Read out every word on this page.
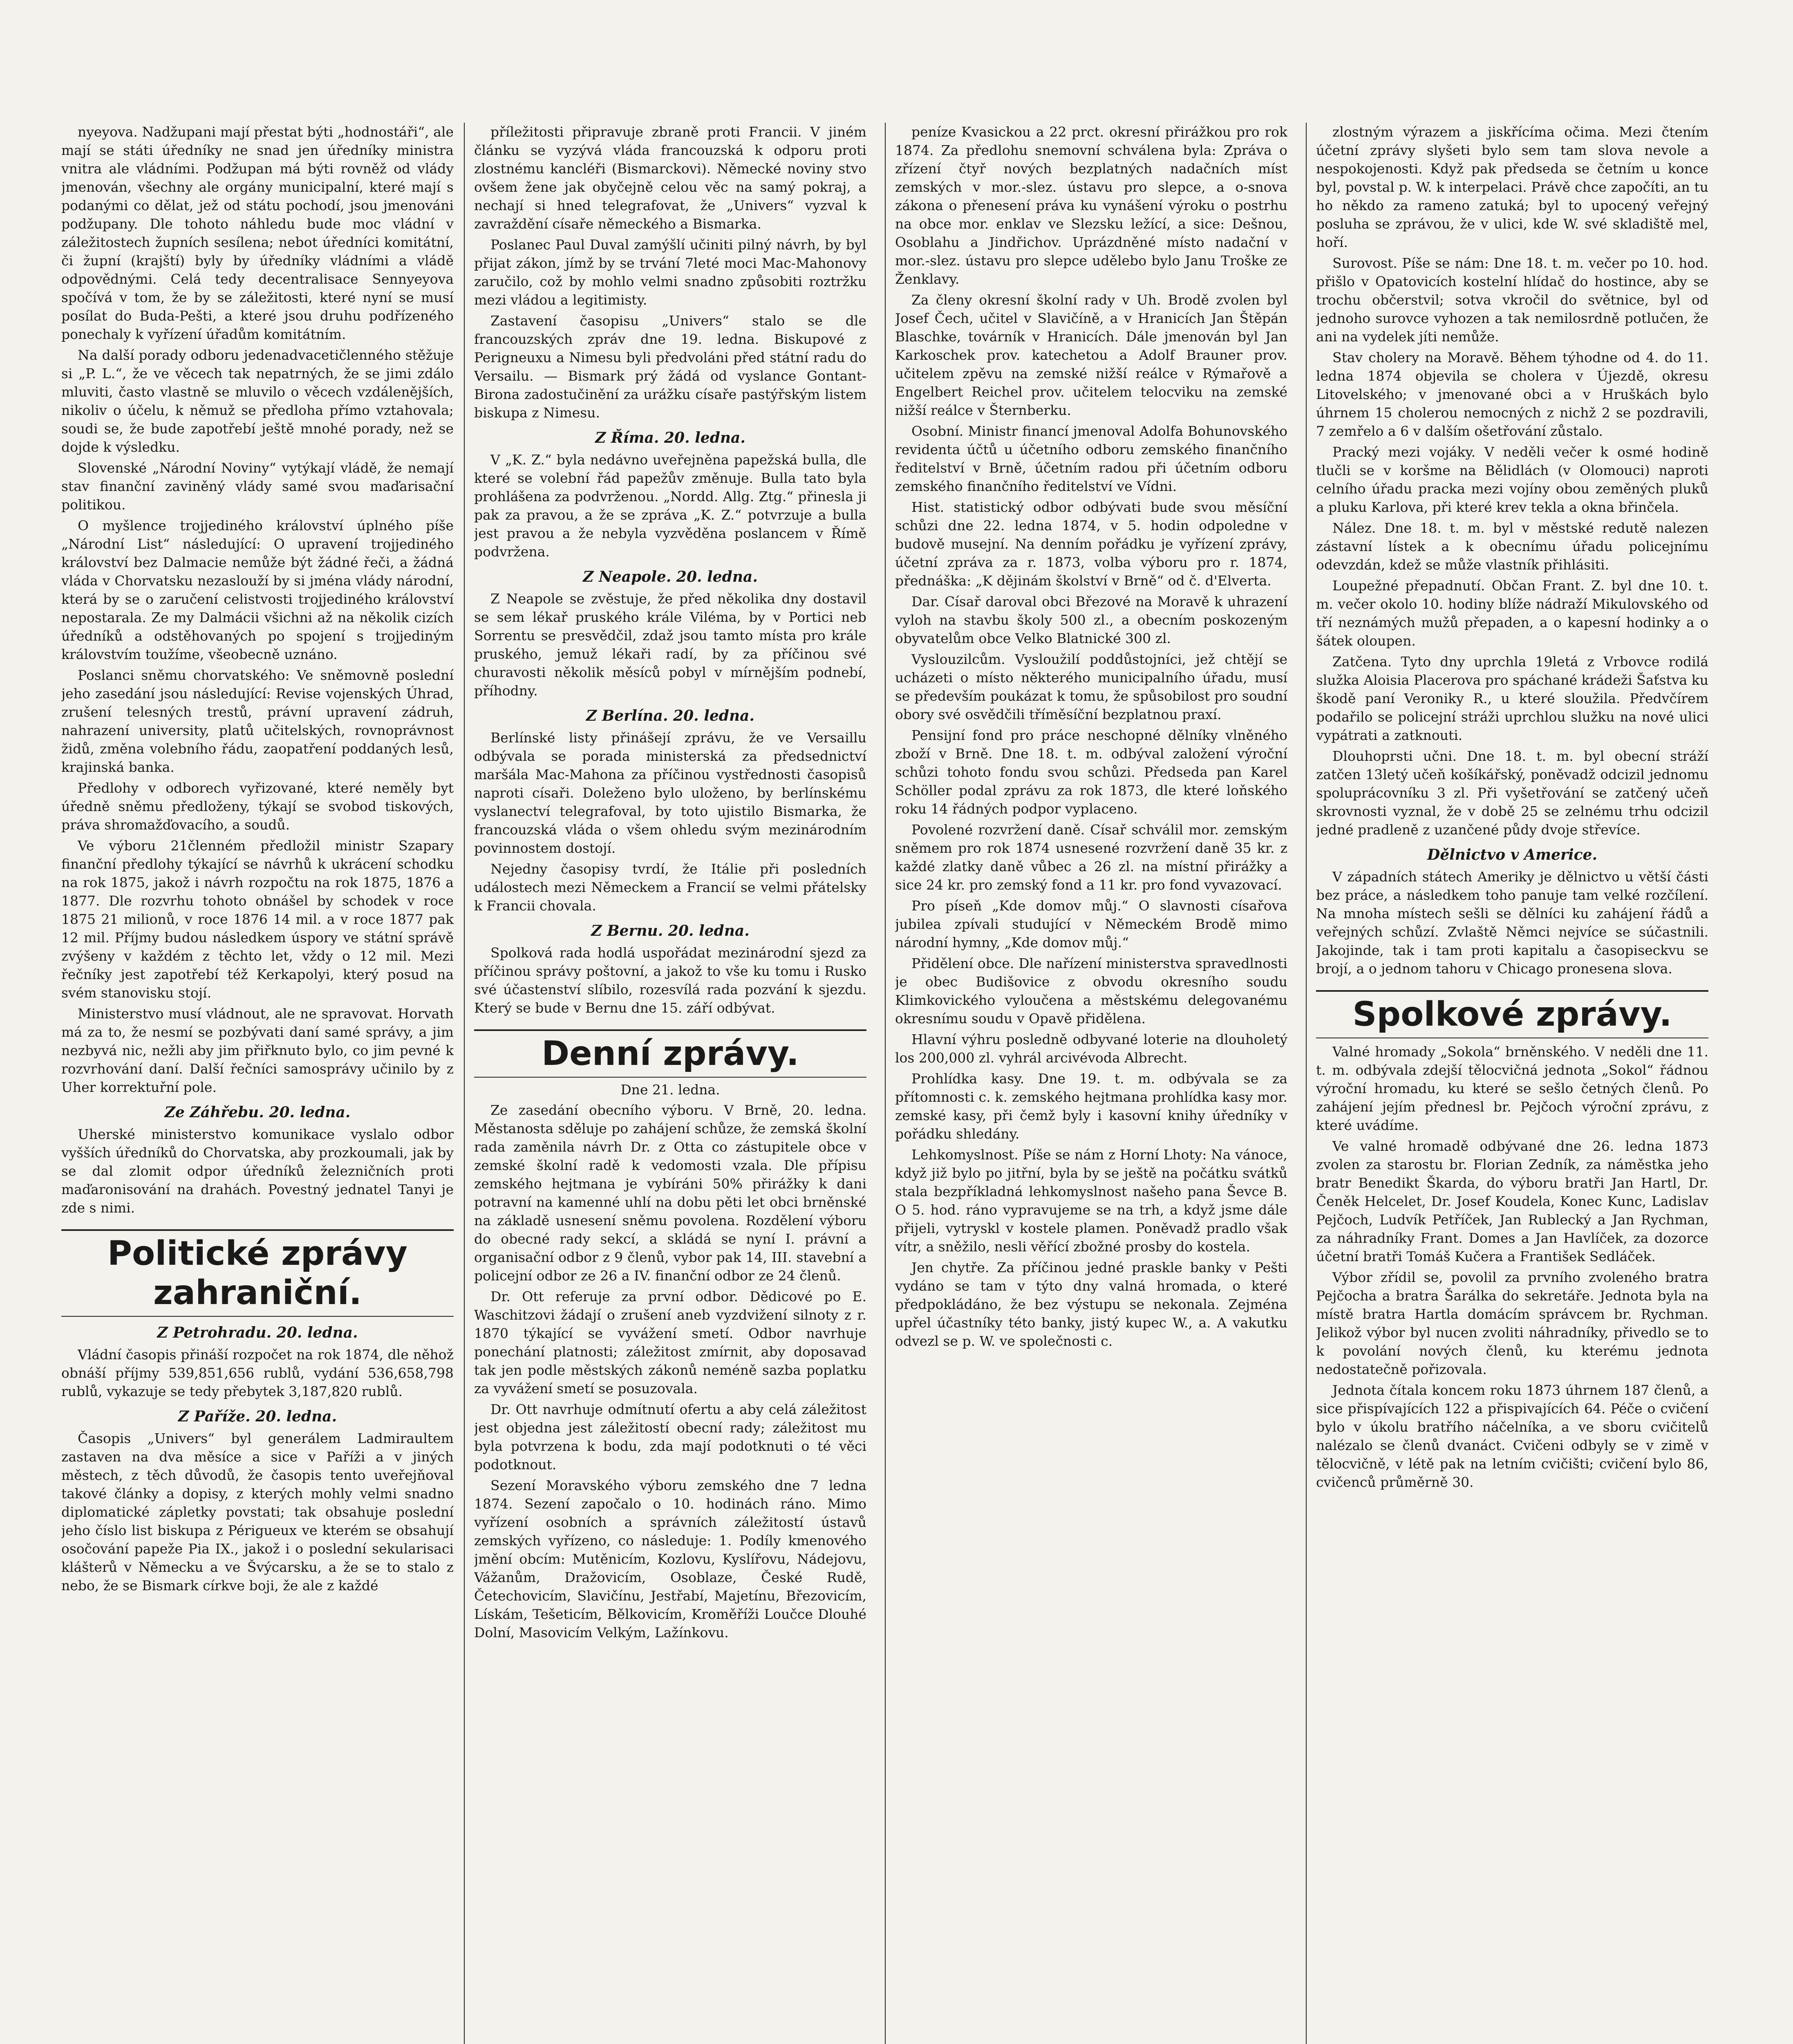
nyeyova. Nadžupani mají přestat býti „hodnostáři“, ale mají se státi úředníky ne snad jen úředníky ministra vnitra ale vládními. Podžupan má býti rovněž od vlády jmenován, všechny ale orgány municipalní, které mají s podanými co dělat, jež od státu pochodí, jsou jmenováni podžupany. Dle tohoto náhledu bude moc vládní v záležitostech župních sesílena; nebot úředníci komitátní, či župní (krajští) byly by úředníky vládními a vládě odpovědnými. Celá tedy decentralisace Sennyeyova spočívá v tom, že by se záležitosti, které nyní se musí posílat do Buda-Pešti, a které jsou druhu podřízeného ponechaly k vyřízení úřadům komitátním.

Na další porady odboru jedenadvacetičlenného stěžuje si „P. L.“, že ve věcech tak nepatrných, že se jimi zdálo mluviti, často vlastně se mluvilo o věcech vzdálenějších, nikoliv o účelu, k němuž se předloha přímo vztahovala; soudi se, že bude zapotřebí ještě mnohé porady, než se dojde k výsledku.

Slovenské „Národní Noviny“ vytýkají vládě, že nemají stav finanční zaviněný vlády samé svou maďarisační politikou.

O myšlence trojjediného království úplného píše „Národní List“ následující: O upravení trojjediného království bez Dalmacie nemůže být žádné řeči, a žádná vláda v Chorvatsku nezaslouží by si jména vlády národní, která by se o zaručení celistvosti trojjediného království nepostarala. Ze my Dalmácii všichni až na několik cizích úředníků a odstěhovaných po spojení s trojjediným královstvím toužíme, všeobecně uznáno.

Poslanci sněmu chorvatského: Ve sněmovně poslední jeho zasedání jsou následující: Revise vojenských Úhrad, zrušení telesných trestů, právní upravení zádruh, nahrazení university, platů učitelských, rovnoprávnost židů, změna volebního řádu, zaopatření poddaných lesů, krajinská banka.

Předlohy v odborech vyřizované, které neměly byt úředně sněmu předloženy, týkají se svobod tiskových, práva shromažďovacího, a soudů.

Ve výboru 21členném předložil ministr Szapary finanční předlohy týkající se návrhů k ukrácení schodku na rok 1875, jakož i návrh rozpočtu na rok 1875, 1876 a 1877. Dle rozvrhu tohoto obnášel by schodek v roce 1875 21 milionů, v roce 1876 14 mil. a v roce 1877 pak 12 mil. Příjmy budou následkem úspory ve státní správě zvýšeny v každém z těchto let, vždy o 12 mil. Mezi řečníky jest zapotřebí též Kerkapolyi, který posud na svém stanovisku stojí.

Ministerstvo musí vládnout, ale ne spravovat. Horvath má za to, že nesmí se pozbývati daní samé správy, a jim nezbyvá nic, nežli aby jim přiřknuto bylo, co jim pevné k rozvrhování daní. Další řečníci samosprávy učinilo by z Uher korrektuřní pole.

Ze Záhřebu. 20. ledna.

Uherské ministerstvo komunikace vyslalo odbor vyšších úředníků do Chorvatska, aby prozkoumali, jak by se dal zlomit odpor úředníků železničních proti maďaronisování na drahách. Povestný jednatel Tanyi je zde s nimi.

Politické zprávy zahraniční.
Z Petrohradu. 20. ledna.

Vládní časopis přináší rozpočet na rok 1874, dle něhož obnáší příjmy 539,851,656 rublů, vydání 536,658,798 rublů, vykazuje se tedy přebytek 3,187,820 rublů.

Z Paříže. 20. ledna.

Časopis „Univers“ byl generálem Ladmiraultem zastaven na dva měsíce a sice v Paříži a v jiných městech, z těch důvodů, že časopis tento uveřejňoval takové články a dopisy, z kterých mohly velmi snadno diplomatické zápletky povstati; tak obsahuje poslední jeho číslo list biskupa z Périgueux ve kterém se obsahují osočování papeže Pia IX., jakož i o poslední sekularisaci klášterů v Německu a ve Švýcarsku, a že se to stalo z nebo, že se Bismark církve boji, že ale z každé

příležitosti připravuje zbraně proti Francii. V jiném článku se vyzývá vláda francouzská k odporu proti zlostnému kancléři (Bismarckovi). Německé noviny stvo ovšem žene jak obyčejně celou věc na samý pokraj, a nechají si hned telegrafovat, že „Univers“ vyzval k zavraždění císaře německého a Bismarka.

Poslanec Paul Duval zamýšlí učiniti pilný návrh, by byl přijat zákon, jímž by se trvání 7leté moci Mac-Mahonovy zaručilo, což by mohlo velmi snadno způsobiti roztržku mezi vládou a legitimisty.

Zastavení časopisu „Univers“ stalo se dle francouzských zpráv dne 19. ledna. Biskupové z Perigneuxu a Nimesu byli předvoláni před státní radu do Versailu. — Bismark prý žádá od vyslance Gontant-Birona zadostučinění za urážku císaře pastýřským listem biskupa z Nimesu.

Z Říma. 20. ledna.

V „K. Z.“ byla nedávno uveřejněna papežská bulla, dle které se volební řád papežův změnuje. Bulla tato byla prohlášena za podvrženou. „Nordd. Allg. Ztg.“ přinesla ji pak za pravou, a že se zpráva „K. Z.“ potvrzuje a bulla jest pravou a že nebyla vyzvěděna poslancem v Římě podvržena.

Z Neapole. 20. ledna.

Z Neapole se zvěstuje, že před několika dny dostavil se sem lékař pruského krále Viléma, by v Portici neb Sorrentu se presvědčil, zdaž jsou tamto místa pro krále pruského, jemuž lékaři radí, by za příčinou své churavosti několik měsíců pobyl v mírnějším podnebí, příhodny.

Z Berlína. 20. ledna.

Berlínské listy přinášejí zprávu, že ve Versaillu odbývala se porada ministerská za předsednictví maršála Mac-Mahona za příčinou vystřednosti časopisů naproti císaři. Doleženo bylo uloženo, by berlínskému vyslanectví telegrafoval, by toto ujistilo Bismarka, že francouzská vláda o všem ohledu svým mezinárodním povinnostem dostojí.

Nejedny časopisy tvrdí, že Itálie při posledních událostech mezi Německem a Francií se velmi přátelsky k Francii chovala.

Z Bernu. 20. ledna.

Spolková rada hodlá uspořádat mezinárodní sjezd za příčinou správy poštovní, a jakož to vše ku tomu i Rusko své účastenství slíbilo, rozesvílá rada pozvání k sjezdu. Který se bude v Bernu dne 15. září odbývat.

Denní zprávy.
Dne 21. ledna.

Ze zasedání obecního výboru. V Brně, 20. ledna. Městanosta sděluje po zahájení schůze, že zemská školní rada zaměnila návrh Dr. z Otta co zástupitele obce v zemské školní radě k vedomosti vzala. Dle přípisu zemského hejtmana je vybíráni 50% přirážky k dani potravní na kamenné uhlí na dobu pěti let obci brněnské na základě usnesení sněmu povolena. Rozdělení výboru do obecné rady sekcí, a skládá se nyní I. právní a organisační odbor z 9 členů, vybor pak 14, III. stavební a policejní odbor ze 26 a IV. finanční odbor ze 24 členů.

Dr. Ott referuje za první odbor. Dědicové po E. Waschitzovi žádají o zrušení aneb vyzdvižení silnoty z r. 1870 týkající se vyvážení smetí. Odbor navrhuje ponechání platnosti; záležitost zmírnit, aby doposavad tak jen podle městských zákonů neméně sazba poplatku za vyvážení smetí se posuzovala.

Dr. Ott navrhuje odmítnutí ofertu a aby celá záležitost jest objedna jest záležitostí obecní rady; záležitost mu byla potvrzena k bodu, zda mají podotknuti o té věci podotknout.

Sezení Moravského výboru zemského dne 7 ledna 1874. Sezení započalo o 10. hodinách ráno. Mimo vyřízení osobních a správních záležitostí ústavů zemských vyřízeno, co následuje: 1. Podíly kmenového jmění obcím: Mutěnicím, Kozlovu, Kyslířovu, Nádejovu, Vážanům, Dražovicím, Osoblaze, České Rudě, Četechovicím, Slavičínu, Jestřabí, Majetínu, Březovicím, Lískám, Tešeticím, Bělkovicím, Kroměříži Loučce Dlouhé Dolní, Masovicím Velkým, Lažínkovu.

peníze Kvasickou a 22 prct. okresní přirážkou pro rok 1874. Za předlohu snemovní schválena byla: Zpráva o zřízení čtyř nových bezplatných nadačních míst zemských v mor.-slez. ústavu pro slepce, a o-snova zákona o přenesení práva ku vynášení výroku o postrhu na obce mor. enklav ve Slezsku ležící, a sice: Dešnou, Osoblahu a Jindřichov. Uprázdněné místo nadační v mor.-slez. ústavu pro slepce udělebo bylo Janu Troške ze Ženklavy.

Za členy okresní školní rady v Uh. Brodě zvolen byl Josef Čech, učitel v Slavičíně, a v Hranicích Jan Štěpán Blaschke, továrník v Hranicích. Dále jmenován byl Jan Karkoschek prov. katechetou a Adolf Brauner prov. učitelem zpěvu na zemské nižší reálce v Rýmařově a Engelbert Reichel prov. učitelem telocviku na zemské nižší reálce v Šternberku.

Osobní. Ministr financí jmenoval Adolfa Bohunovského revidenta účtů u účetního odboru zemského finančního ředitelství v Brně, účetním radou při účetním odboru zemského finančního ředitelství ve Vídni.

Hist. statistický odbor odbývati bude svou měsíční schůzi dne 22. ledna 1874, v 5. hodin odpoledne v budově musejní. Na denním pořádku je vyřízení zprávy, účetní zpráva za r. 1873, volba výboru pro r. 1874, přednáška: „K dějinám školství v Brně“ od č. d'Elverta.

Dar. Císař daroval obci Březové na Moravě k uhrazení vyloh na stavbu školy 500 zl., a obecním poskozeným obyvatelům obce Velko Blatnické 300 zl.

Vyslouzilcům. Vysloužilí poddůstojníci, jež chtějí se ucházeti o místo některého municipalního úřadu, musí se především poukázat k tomu, že spůsobilost pro soudní obory své osvědčili tříměsíční bezplatnou praxí.

Pensijní fond pro práce neschopné dělníky vlněného zboží v Brně. Dne 18. t. m. odbýval založení výroční schůzi tohoto fondu svou schůzi. Předseda pan Karel Schöller podal zprávu za rok 1873, dle které loňského roku 14 řádných podpor vyplaceno.

Povolené rozvržení daně. Císař schválil mor. zemským sněmem pro rok 1874 usnesené rozvržení daně 35 kr. z každé zlatky daně vůbec a 26 zl. na místní přirážky a sice 24 kr. pro zemský fond a 11 kr. pro fond vyvazovací.

Pro píseň „Kde domov můj.“ O slavnosti císařova jubilea zpívali studující v Německém Brodě mimo národní hymny, „Kde domov můj.“

Přidělení obce. Dle nařízení ministerstva spravedlnosti je obec Budišovice z obvodu okresního soudu Klimkovického vyloučena a městskému delegovanému okresnímu soudu v Opavě přidělena.

Hlavní výhru posledně odbyvané loterie na dlouholetý los 200,000 zl. vyhrál arcivévoda Albrecht.

Prohlídka kasy. Dne 19. t. m. odbývala se za přítomnosti c. k. zemského hejtmana prohlídka kasy mor. zemské kasy, při čemž byly i kasovní knihy úředníky v pořádku shledány.

Lehkomyslnost. Píše se nám z Horní Lhoty: Na vánoce, když již bylo po jitřní, byla by se ještě na počátku svátků stala bezpříkladná lehkomyslnost našeho pana Ševce B. O 5. hod. ráno vypravujeme se na trh, a když jsme dále přijeli, vytryskl v kostele plamen. Poněvadž pradlo však vítr, a sněžilo, nesli věřící zbožné prosby do kostela.

Jen chytře. Za příčinou jedné praskle banky v Pešti vydáno se tam v týto dny valná hromada, o které předpokládáno, že bez výstupu se nekonala. Zejména upřel účastníky této banky, jistý kupec W., a. A vakutku odvezl se p. W. ve společnosti c.

zlostným výrazem a jiskřícíma očima. Mezi čtením účetní zprávy slyšeti bylo sem tam slova nevole a nespokojenosti. Když pak předseda se četním u konce byl, povstal p. W. k interpelaci. Právě chce započíti, an tu ho někdo za rameno zatuká; byl to upocený veřejný posluha se zprávou, že v ulici, kde W. své skladiště mel, hoří.

Surovost. Píše se nám: Dne 18. t. m. večer po 10. hod. přišlo v Opatovicích kostelní hlídač do hostince, aby se trochu občerstvil; sotva vkročil do světnice, byl od jednoho surovce vyhozen a tak nemilosrdně potlučen, že ani na vydelek jíti nemůže.

Stav cholery na Moravě. Během týhodne od 4. do 11. ledna 1874 objevila se cholera v Újezdě, okresu Litovelského; v jmenované obci a v Hruškách bylo úhrnem 15 cholerou nemocných z nichž 2 se pozdravili, 7 zemřelo a 6 v dalším ošetřování zůstalo.

Pracký mezi vojáky. V neděli večer k osmé hodině tlučli se v koršme na Bělidlách (v Olomouci) naproti celního úřadu pracka mezi vojíny obou zeměných pluků a pluku Karlova, při které krev tekla a okna břinčela.

Nález. Dne 18. t. m. byl v městské redutě nalezen zástavní lístek a k obecnímu úřadu policejnímu odevzdán, kdež se může vlastník přihlásiti.

Loupežné přepadnutí. Občan Frant. Z. byl dne 10. t. m. večer okolo 10. hodiny blíže nádraží Mikulovského od tří neznámých mužů přepaden, a o kapesní hodinky a o šátek oloupen.

Zatčena. Tyto dny uprchla 19letá z Vrbovce rodilá služka Aloisia Placerova pro spáchané krádeži Šaťstva ku škodě paní Veroniky R., u které sloužila. Předvčírem podařilo se policejní stráži uprchlou služku na nové ulici vypátrati a zatknouti.

Dlouhoprsti učni. Dne 18. t. m. byl obecní stráží zatčen 13letý učeň košíkářský, poněvadž odcizil jednomu spoluprácovníku 3 zl. Při vyšetřování se zatčený učeň skrovnosti vyznal, že v době 25 se zelnému trhu odcizil jedné pradleně z uzančené půdy dvoje střevíce.

Dělnictvo v Americe.

V západních státech Ameriky je dělnictvo u větší části bez práce, a následkem toho panuje tam velké rozčílení. Na mnoha místech sešli se dělníci ku zahájení řádů a veřejných schůzí. Zvlaště Němci nejvíce se súčastnili. Jakojinde, tak i tam proti kapitalu a časopiseckvu se brojí, a o jednom tahoru v Chicago pronesena slova.

Spolkové zprávy.

Valné hromady „Sokola“ brněnského. V neděli dne 11. t. m. odbývala zdejší tělocvičná jednota „Sokol“ řádnou výroční hromadu, ku které se sešlo četných členů. Po zahájení jejím přednesl br. Pejčoch výroční zprávu, z které uvádíme.

Ve valné hromadě odbývané dne 26. ledna 1873 zvolen za starostu br. Florian Zedník, za náměstka jeho bratr Benedikt Škarda, do výboru bratři Jan Hartl, Dr. Čeněk Helcelet, Dr. Josef Koudela, Konec Kunc, Ladislav Pejčoch, Ludvík Petříček, Jan Rublecký a Jan Rychman, za náhradníky Frant. Domes a Jan Havlíček, za dozorce účetní bratři Tomáš Kučera a František Sedláček.

Výbor zřídil se, povolil za prvního zvoleného bratra Pejčocha a bratra Šarálka do sekretáře. Jednota byla na místě bratra Hartla domácím správcem br. Rychman. Jelikož výbor byl nucen zvoliti náhradníky, přivedlo se to k povolání nových členů, ku kterému jednota nedostatečně pořizovala.

Jednota čítala koncem roku 1873 úhrnem 187 členů, a sice přispívajících 122 a přispivajících 64. Péče o cvičení bylo v úkolu bratřího náčelníka, a ve sboru cvičitelů nalézalo se členů dvanáct. Cvičeni odbyly se v zimě v tělocvičně, v létě pak na letním cvičišti; cvičení bylo 86, cvičenců průměrně 30.
